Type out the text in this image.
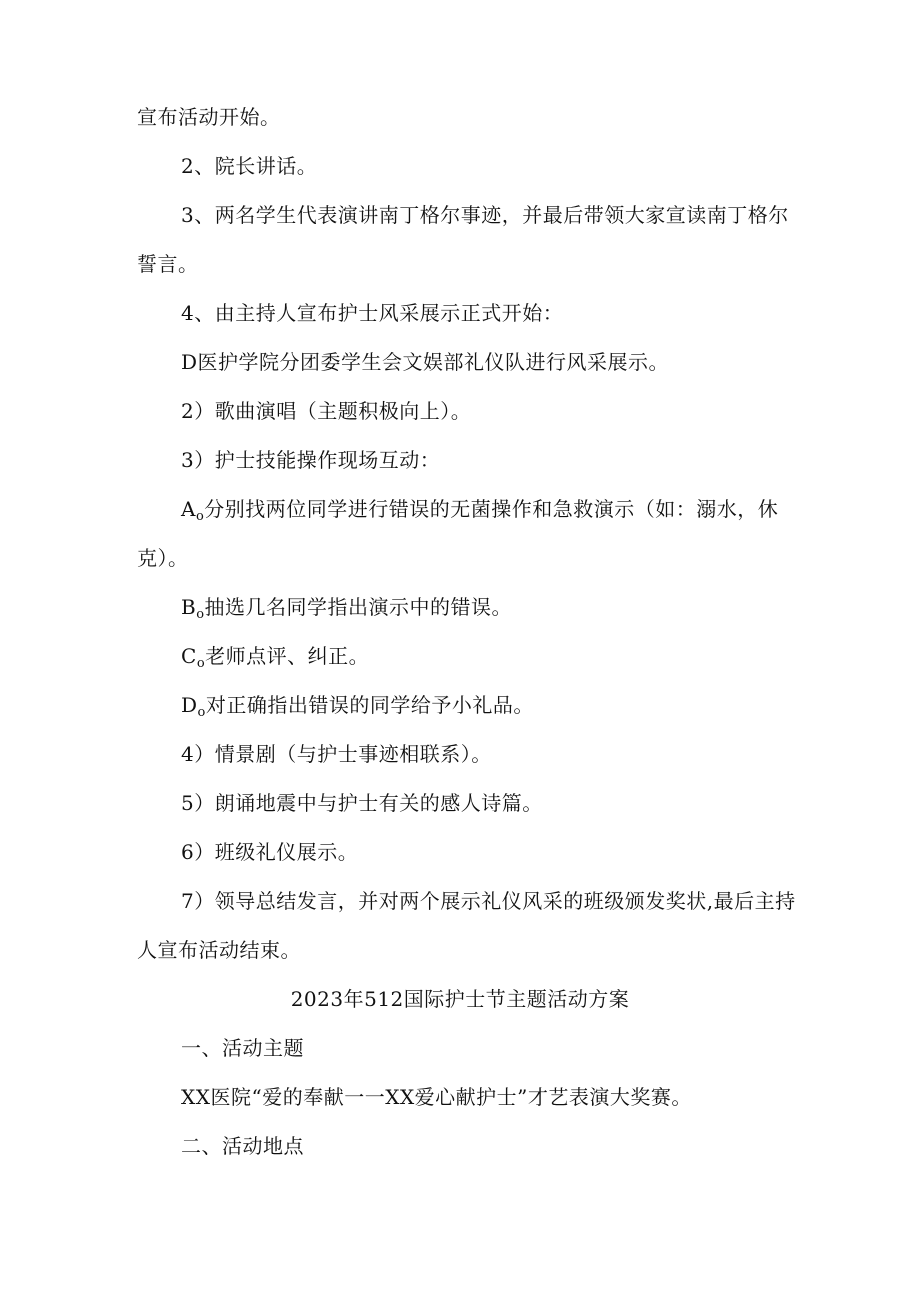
宣布活动开始。
2、院长讲话。
3、两名学生代表演讲南丁格尔事迹，并最后带领大家宣读南丁格尔
誓言。
4、由主持人宣布护士风采展示正式开始：
D医护学院分团委学生会文娱部礼仪队进行风采展示。
2）歌曲演唱（主题积极向上）。
3）护士技能操作现场互动：
$A_o$分别找两位同学进行错误的无菌操作和急救演示（如：溺水，休
克）。
$B_o$抽选几名同学指出演示中的错误。
$C_o$老师点评、纠正。
$D_o$对正确指出错误的同学给予小礼品。
4）情景剧（与护士事迹相联系）。
5）朗诵地震中与护士有关的感人诗篇。
6）班级礼仪展示。
7）领导总结发言，并对两个展示礼仪风采的班级颁发奖状,最后主持
人宣布活动结束。
2023年512国际护士节主题活动方案
一、活动主题
XX医院“爱的奉献一一XX爱心献护士”才艺表演大奖赛。
二、活动地点
